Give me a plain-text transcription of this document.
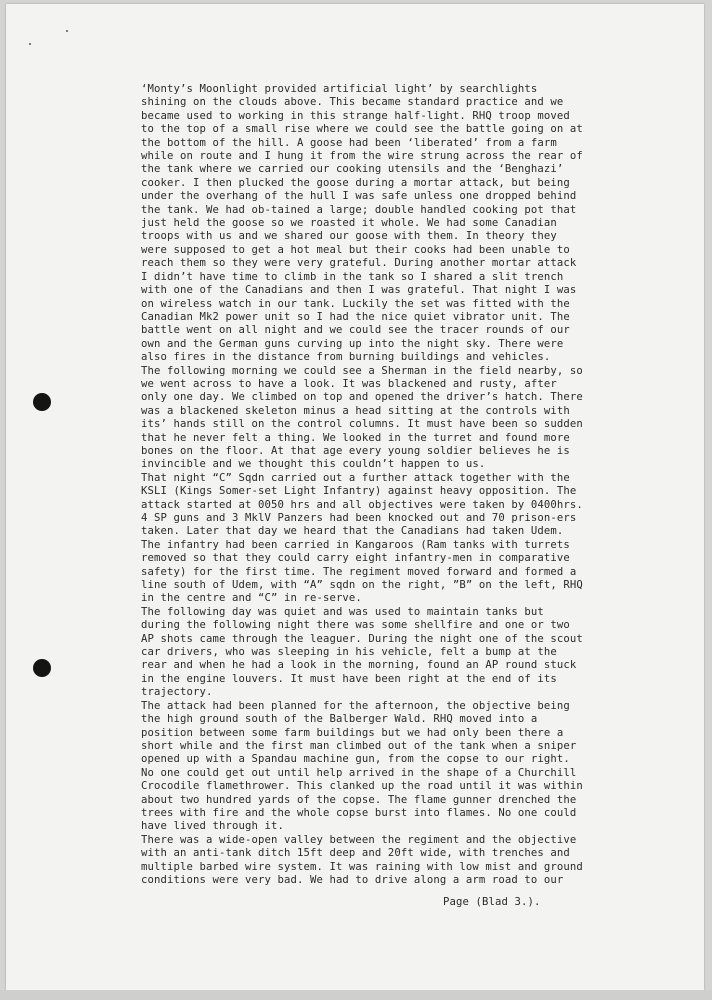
‘Monty’s Moonlight provided artificial light’ by searchlights
shining on the clouds above. This became standard practice and we
became used to working in this strange half-light. RHQ troop moved
to the top of a small rise where we could see the battle going on at
the bottom of the hill. A goose had been ‘liberated’ from a farm
while on route and I hung it from the wire strung across the rear of
the tank where we carried our cooking utensils and the ‘Benghazi’
cooker. I then plucked the goose during a mortar attack, but being
under the overhang of the hull I was safe unless one dropped behind
the tank. We had ob-tained a large; double handled cooking pot that
just held the goose so we roasted it whole. We had some Canadian
troops with us and we shared our goose with them. In theory they
were supposed to get a hot meal but their cooks had been unable to
reach them so they were very grateful. During another mortar attack
I didn’t have time to climb in the tank so I shared a slit trench
with one of the Canadians and then I was grateful. That night I was
on wireless watch in our tank. Luckily the set was fitted with the
Canadian Mk2 power unit so I had the nice quiet vibrator unit. The
battle went on all night and we could see the tracer rounds of our
own and the German guns curving up into the night sky. There were
also fires in the distance from burning buildings and vehicles.
The following morning we could see a Sherman in the field nearby, so
we went across to have a look. It was blackened and rusty, after
only one day. We climbed on top and opened the driver’s hatch. There
was a blackened skeleton minus a head sitting at the controls with
its’ hands still on the control columns. It must have been so sudden
that he never felt a thing. We looked in the turret and found more
bones on the floor. At that age every young soldier believes he is
invincible and we thought this couldn’t happen to us.
That night “C” Sqdn carried out a further attack together with the
KSLI (Kings Somer-set Light Infantry) against heavy opposition. The
attack started at 0050 hrs and all objectives were taken by 0400hrs.
4 SP guns and 3 MklV Panzers had been knocked out and 70 prison-ers
taken. Later that day we heard that the Canadians had taken Udem.
The infantry had been carried in Kangaroos (Ram tanks with turrets
removed so that they could carry eight infantry-men in comparative
safety) for the first time. The regiment moved forward and formed a
line south of Udem, with “A” sqdn on the right, ”B” on the left, RHQ
in the centre and “C” in re-serve.
The following day was quiet and was used to maintain tanks but
during the following night there was some shellfire and one or two
AP shots came through the leaguer. During the night one of the scout
car drivers, who was sleeping in his vehicle, felt a bump at the
rear and when he had a look in the morning, found an AP round stuck
in the engine louvers. It must have been right at the end of its
trajectory.
The attack had been planned for the afternoon, the objective being
the high ground south of the Balberger Wald. RHQ moved into a
position between some farm buildings but we had only been there a
short while and the first man climbed out of the tank when a sniper
opened up with a Spandau machine gun, from the copse to our right.
No one could get out until help arrived in the shape of a Churchill
Crocodile flamethrower. This clanked up the road until it was within
about two hundred yards of the copse. The flame gunner drenched the
trees with fire and the whole copse burst into flames. No one could
have lived through it.
There was a wide-open valley between the regiment and the objective
with an anti-tank ditch 15ft deep and 20ft wide, with trenches and
multiple barbed wire system. It was raining with low mist and ground
conditions were very bad. We had to drive along a arm road to our
Page (Blad 3.).
